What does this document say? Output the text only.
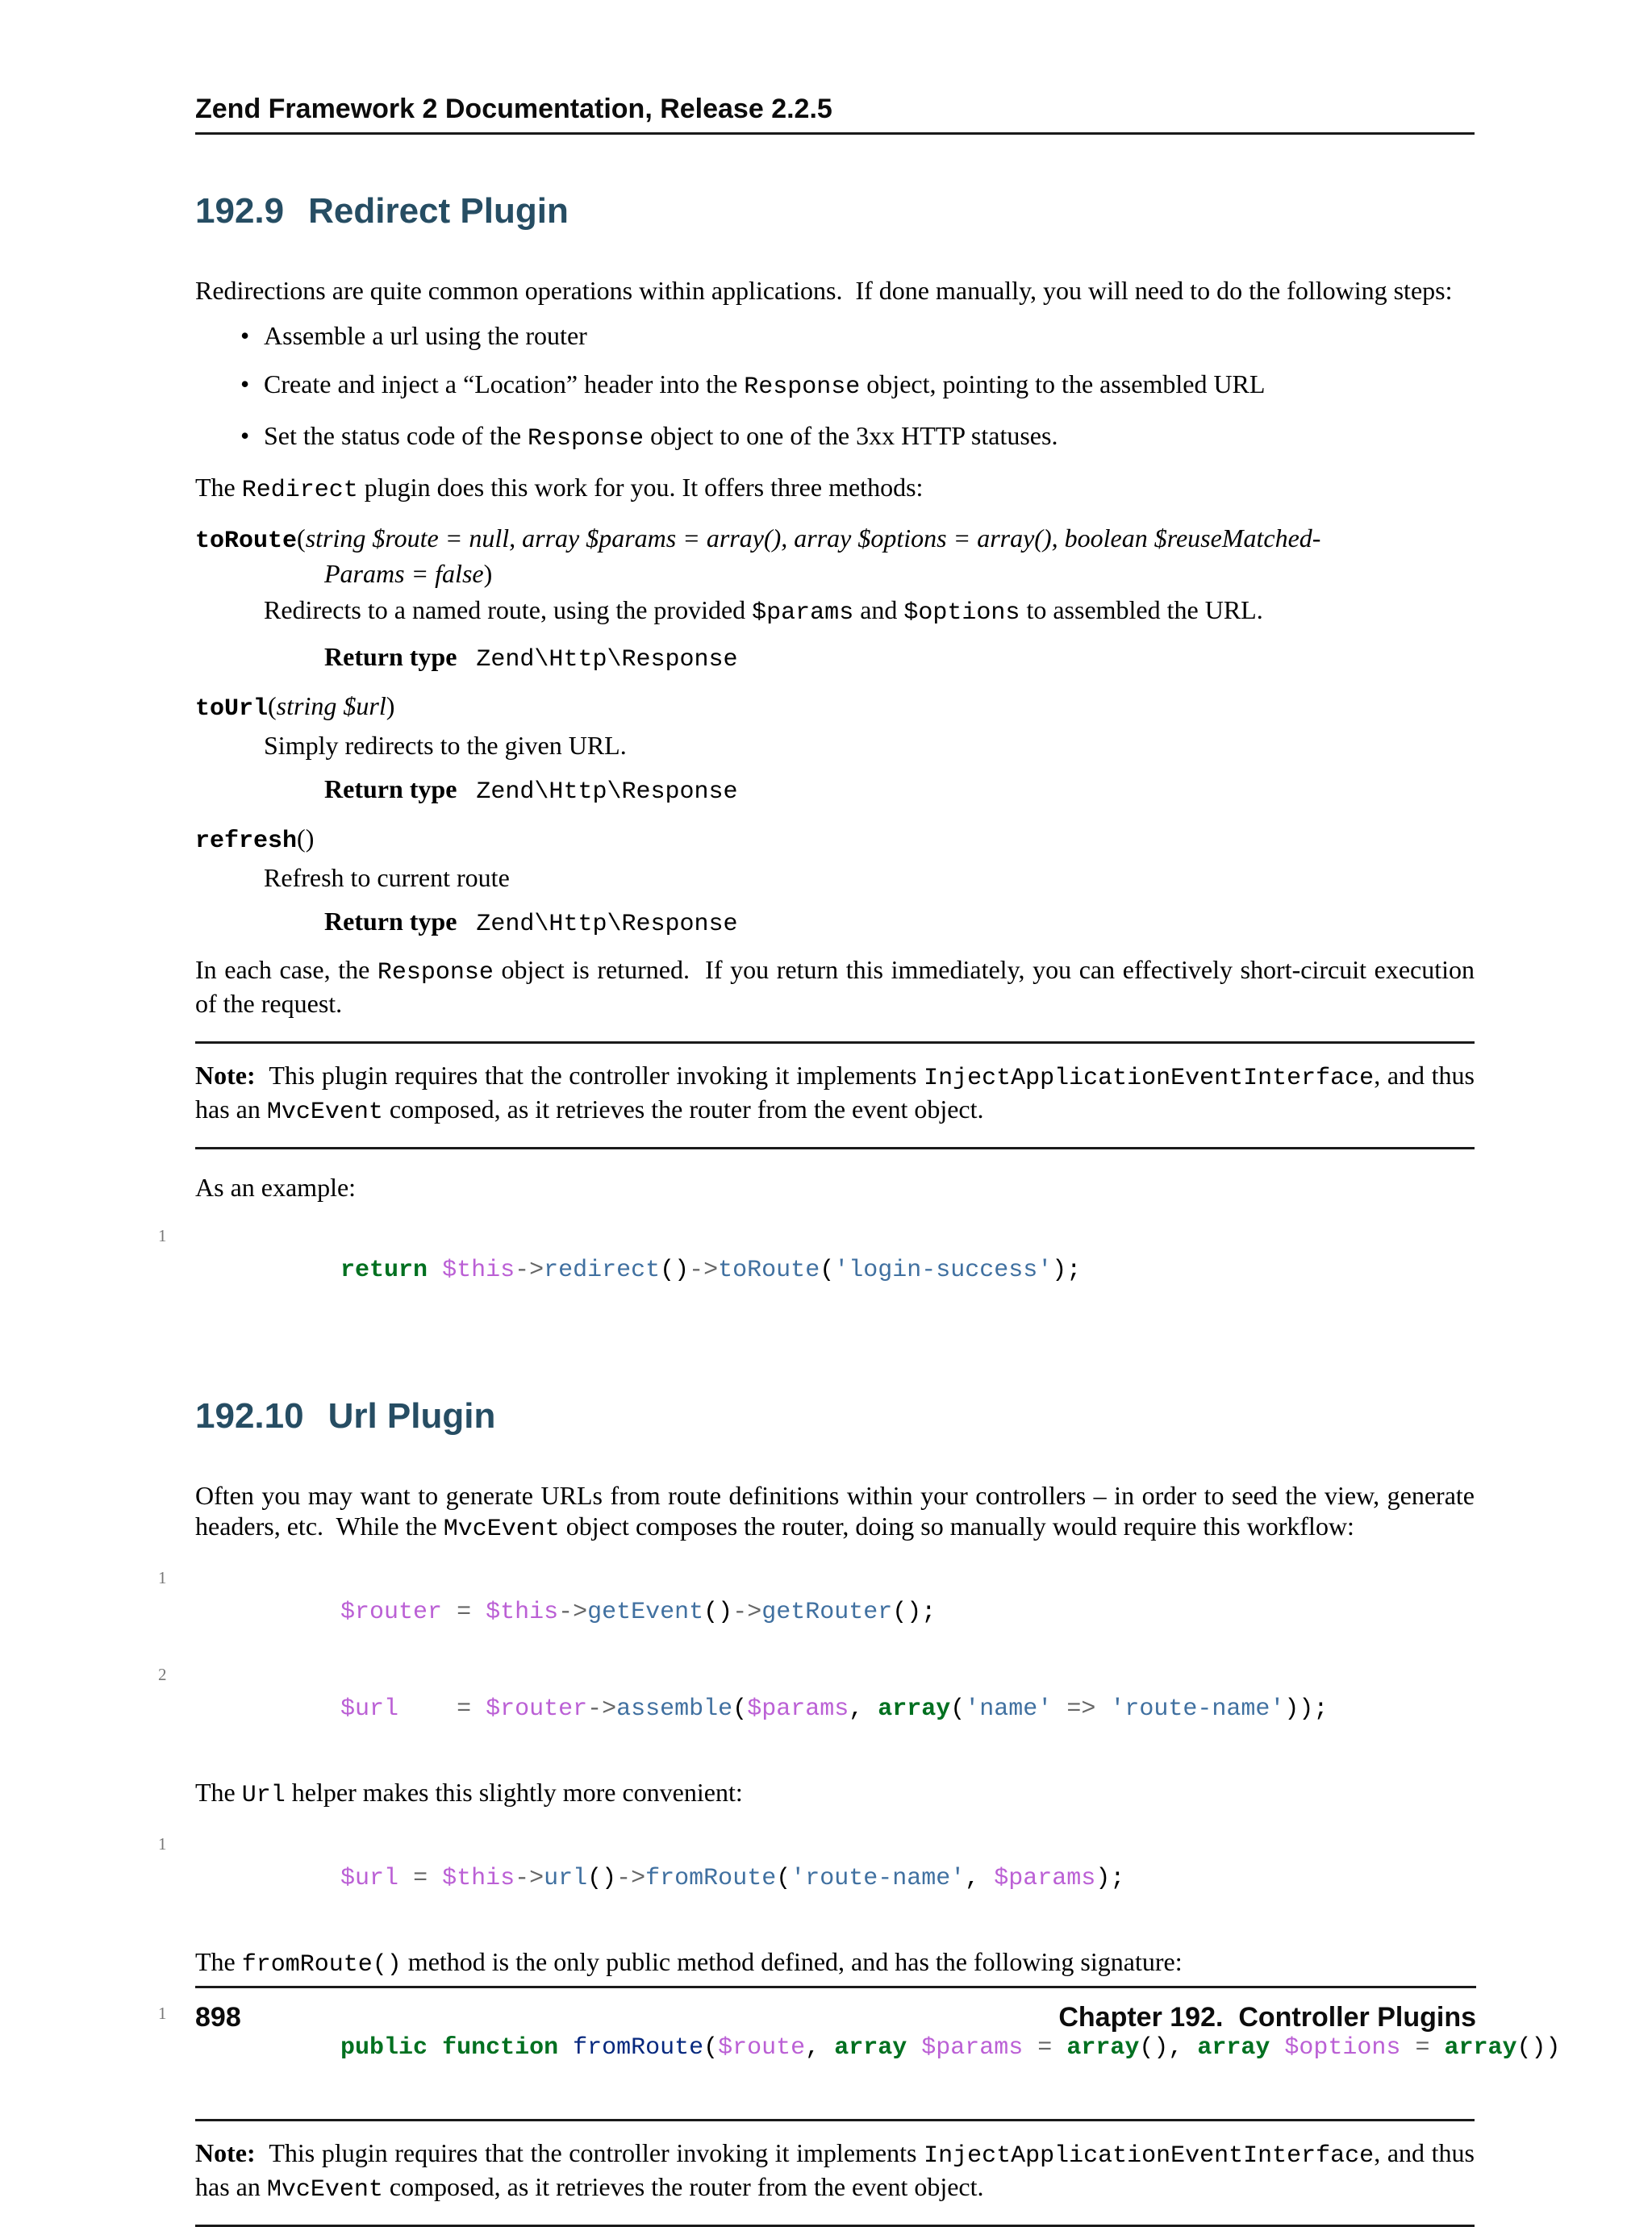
Zend Framework 2 Documentation, Release 2.2.5
192.9 Redirect Plugin

Redirections are quite common operations within applications.  If done manually, you will need to do the following steps:

• Assemble a url using the router
• Create and inject a “Location” header into the Response object, pointing to the assembled URL
• Set the status code of the Response object to one of the 3xx HTTP statuses.

The Redirect plugin does this work for you. It offers three methods:

toRoute(string $route = null, array $params = array(), array $options = array(), boolean $reuseMatched-
Params = false)
Redirects to a named route, using the provided $params and $options to assembled the URL.
Return type Zend\Http\Response
toUrl(string $url)
Simply redirects to the given URL.
Return type Zend\Http\Response
refresh()
Refresh to current route
Return type Zend\Http\Response

In each case, the Response object is returned.  If you return this immediately, you can effectively short-circuit execution of the request.

Note:  This plugin requires that the controller invoking it implements InjectApplicationEventInterface, and thus has an MvcEvent composed, as it retrieves the router from the event object.

As an example:

1
return $this->redirect()->toRoute('login-success');

192.10 Url Plugin

Often you may want to generate URLs from route definitions within your controllers – in order to seed the view, generate headers, etc.  While the MvcEvent object composes the router, doing so manually would require this workflow:

1
$router = $this->getEvent()->getRouter();

2
$url = $router->assemble($params, array('name' => 'route-name'));

The Url helper makes this slightly more convenient:

1
$url = $this->url()->fromRoute('route-name', $params);

The fromRoute() method is the only public method defined, and has the following signature:

1
public function fromRoute($route, array $params = array(), array $options = array())

Note:  This plugin requires that the controller invoking it implements InjectApplicationEventInterface, and thus has an MvcEvent composed, as it retrieves the router from the event object.

898	Chapter 192.  Controller Plugins
